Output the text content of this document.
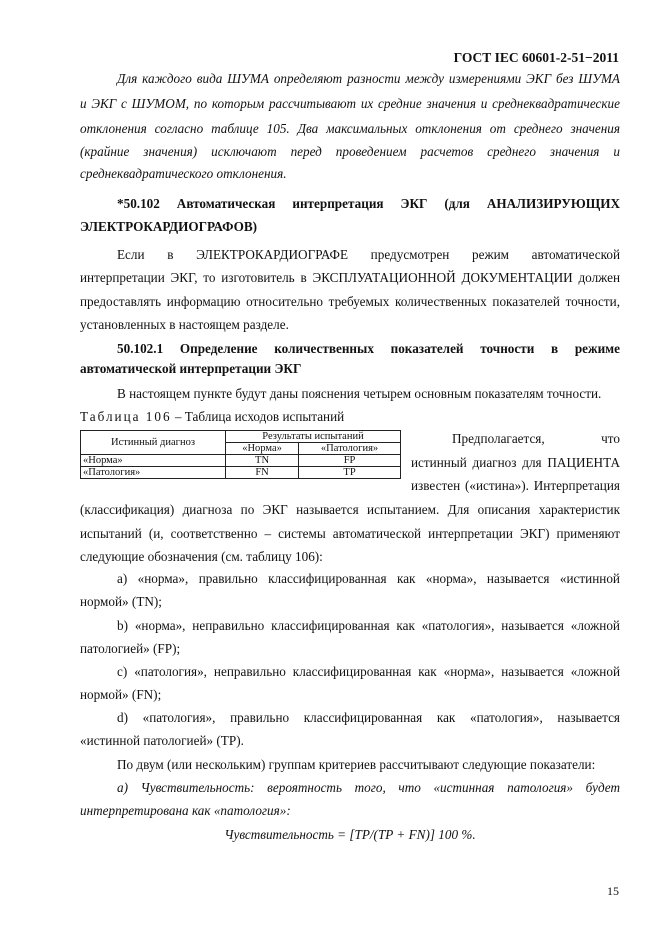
ГОСТ IEC 60601-2-51−2011
Для каждого вида ШУМА определяют разности между измерениями ЭКГ без ШУМА
и ЭКГ с ШУМОМ, по которым рассчитывают их средние значения и среднеквадратические
отклонения согласно таблице 105. Два максимальных отклонения от среднего значения
(крайние значения) исключают перед проведением расчетов среднего значения и
среднеквадратического отклонения.
*50.102 Автоматическая интерпретация ЭКГ (для АНАЛИЗИРУЮЩИХ
ЭЛЕКТРОКАРДИОГРАФОВ)
Если в ЭЛЕКТРОКАРДИОГРАФЕ предусмотрен режим автоматической
интерпретации ЭКГ, то изготовитель в ЭКСПЛУАТАЦИОННОЙ ДОКУМЕНТАЦИИ должен
предоставлять информацию относительно требуемых количественных показателей точности,
установленных в настоящем разделе.
50.102.1 Определение количественных показателей точности в режиме
автоматической интерпретации ЭКГ
В настоящем пункте будут даны пояснения четырем основным показателям точности.
Таблица 106 – Таблица исходов испытаний
Истинный диагноз	Результаты испытаний	
	«Норма»	«Патология»
«Норма»	TN	FP
«Патология»	FN	TP
Предполагается, что
истинный диагноз для ПАЦИЕНТА
известен («истина»). Интерпретация
(классификация) диагноза по ЭКГ называется испытанием. Для описания характеристик
испытаний (и, соответственно – системы автоматической интерпретации ЭКГ) применяют
следующие обозначения (см. таблицу 106):
а) «норма», правильно классифицированная как «норма», называется «истинной
нормой» (TN);
b) «норма», неправильно классифицированная как «патология», называется «ложной
патологией» (FP);
c) «патология», неправильно классифицированная как «норма», называется «ложной
нормой» (FN);
d) «патология», правильно классифицированная как «патология», называется
«истинной патологией» (TP).
По двум (или нескольким) группам критериев рассчитывают следующие показатели:
а) Чувствительность: вероятность того, что «истинная патология» будет
интерпретирована как «патология»:
Чувствительность = [TP/(TP + FN)] 100 %.
15
